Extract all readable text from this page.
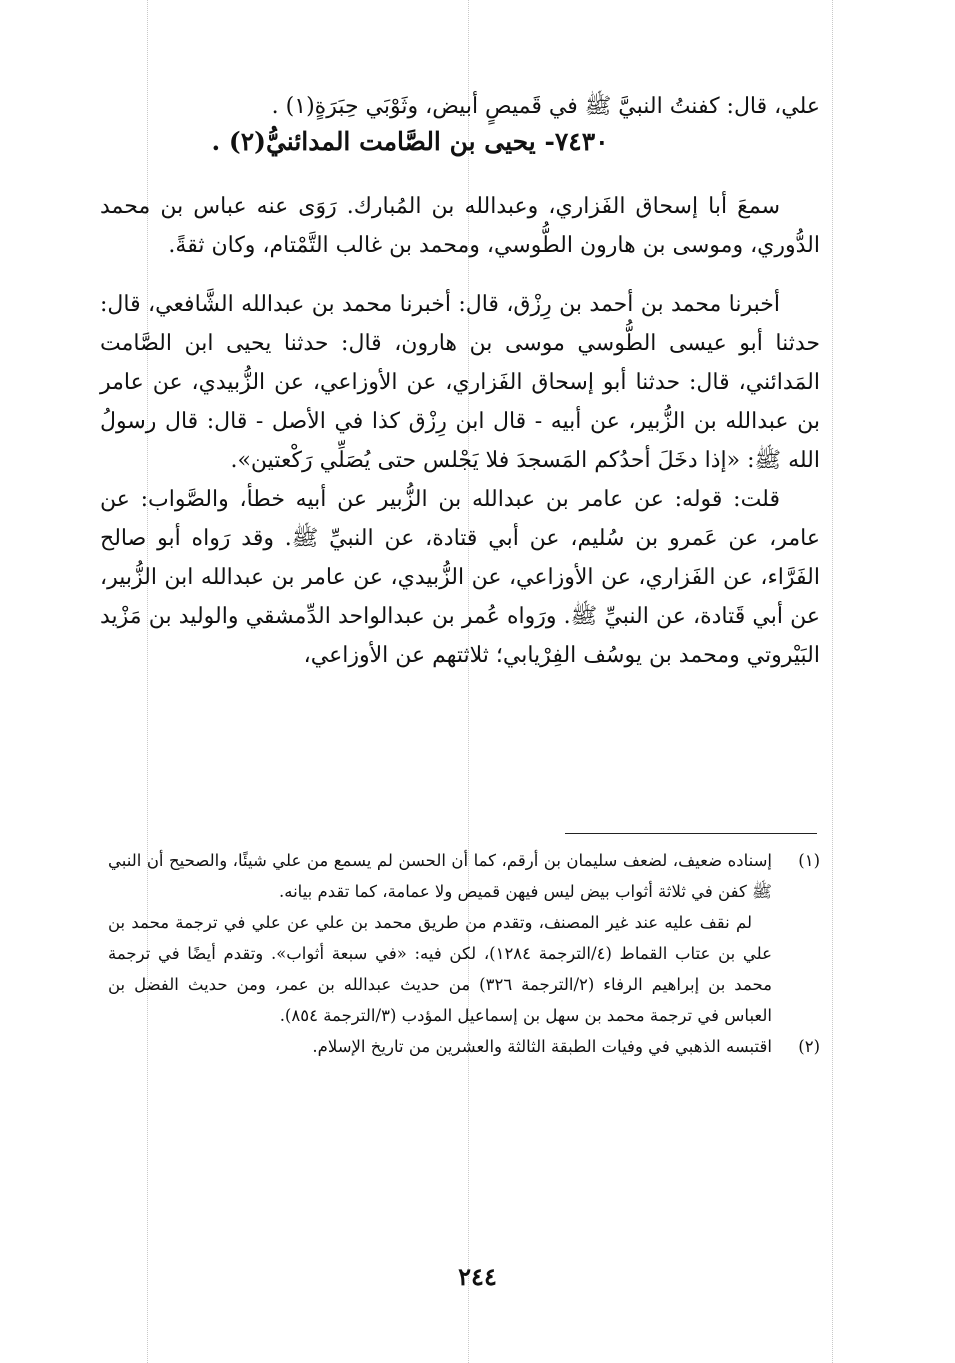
علي، قال: كفنتُ النبيَّ ﷺ في قَميصٍ أبيض، وثَوْبَي حِبَرَةٍ(١) .

٧٤٣٠- يحيى بن الصَّامت المدائنيُّ(٢) .

سمعَ أبا إسحاق الفَزاري، وعبدالله بن المُبارك. رَوَى عنه عباس بن محمد الدُّوري، وموسى بن هارون الطُّوسي، ومحمد بن غالب التَّمْتام، وكان ثقةً.

أخبرنا محمد بن أحمد بن رِزْق، قال: أخبرنا محمد بن عبدالله الشَّافعي، قال: حدثنا أبو عيسى الطُّوسي موسى بن هارون، قال: حدثنا يحيى ابن الصَّامت المَدائني، قال: حدثنا أبو إسحاق الفَزاري، عن الأوزاعي، عن الزُّبيدي، عن عامر بن عبدالله بن الزُّبير، عن أبيه - قال ابن رِزْق كذا في الأصل - قال: قال رسولُ الله ﷺ: «إذا دخَلَ أحدُكم المَسجدَ فلا يَجْلس حتى يُصَلِّي رَكْعتين».

قلت: قوله: عن عامر بن عبدالله بن الزُّبير عن أبيه خطأ، والصَّواب: عن عامر، عن عَمرو بن سُليم، عن أبي قتادة، عن النبيِّ ﷺ. وقد رَواه أبو صالح الفَرَّاء، عن الفَزاري، عن الأوزاعي، عن الزُّبيدي، عن عامر بن عبدالله ابن الزُّبير، عن أبي قَتادة، عن النبيِّ ﷺ. ورَواه عُمر بن عبدالواحد الدِّمشقي والوليد بن مَزْيد البَيْروتي ومحمد بن يوسُف الفِرْيابي؛ ثلاثتهم عن الأوزاعي،

(١)
إسناده ضعيف، لضعف سليمان بن أرقم، كما أن الحسن لم يسمع من علي شيئًا، والصحيح أن النبي ﷺ كفن في ثلاثة أثواب بيض ليس فيهن قميص ولا عمامة، كما تقدم بيانه.

لم نقف عليه عند غير المصنف، وتقدم من طريق محمد بن علي عن علي في ترجمة محمد بن علي بن عتاب القماط (٤/الترجمة ١٢٨٤)، لكن فيه: «في سبعة أثواب». وتقدم أيضًا في ترجمة محمد بن إبراهيم الرفاء (٢/الترجمة ٣٢٦) من حديث عبدالله بن عمر، ومن حديث الفضل بن العباس في ترجمة محمد بن سهل بن إسماعيل المؤدب (٣/الترجمة ٨٥٤).

(٢)
اقتبسه الذهبي في وفيات الطبقة الثالثة والعشرين من تاريخ الإسلام.

٢٤٤
